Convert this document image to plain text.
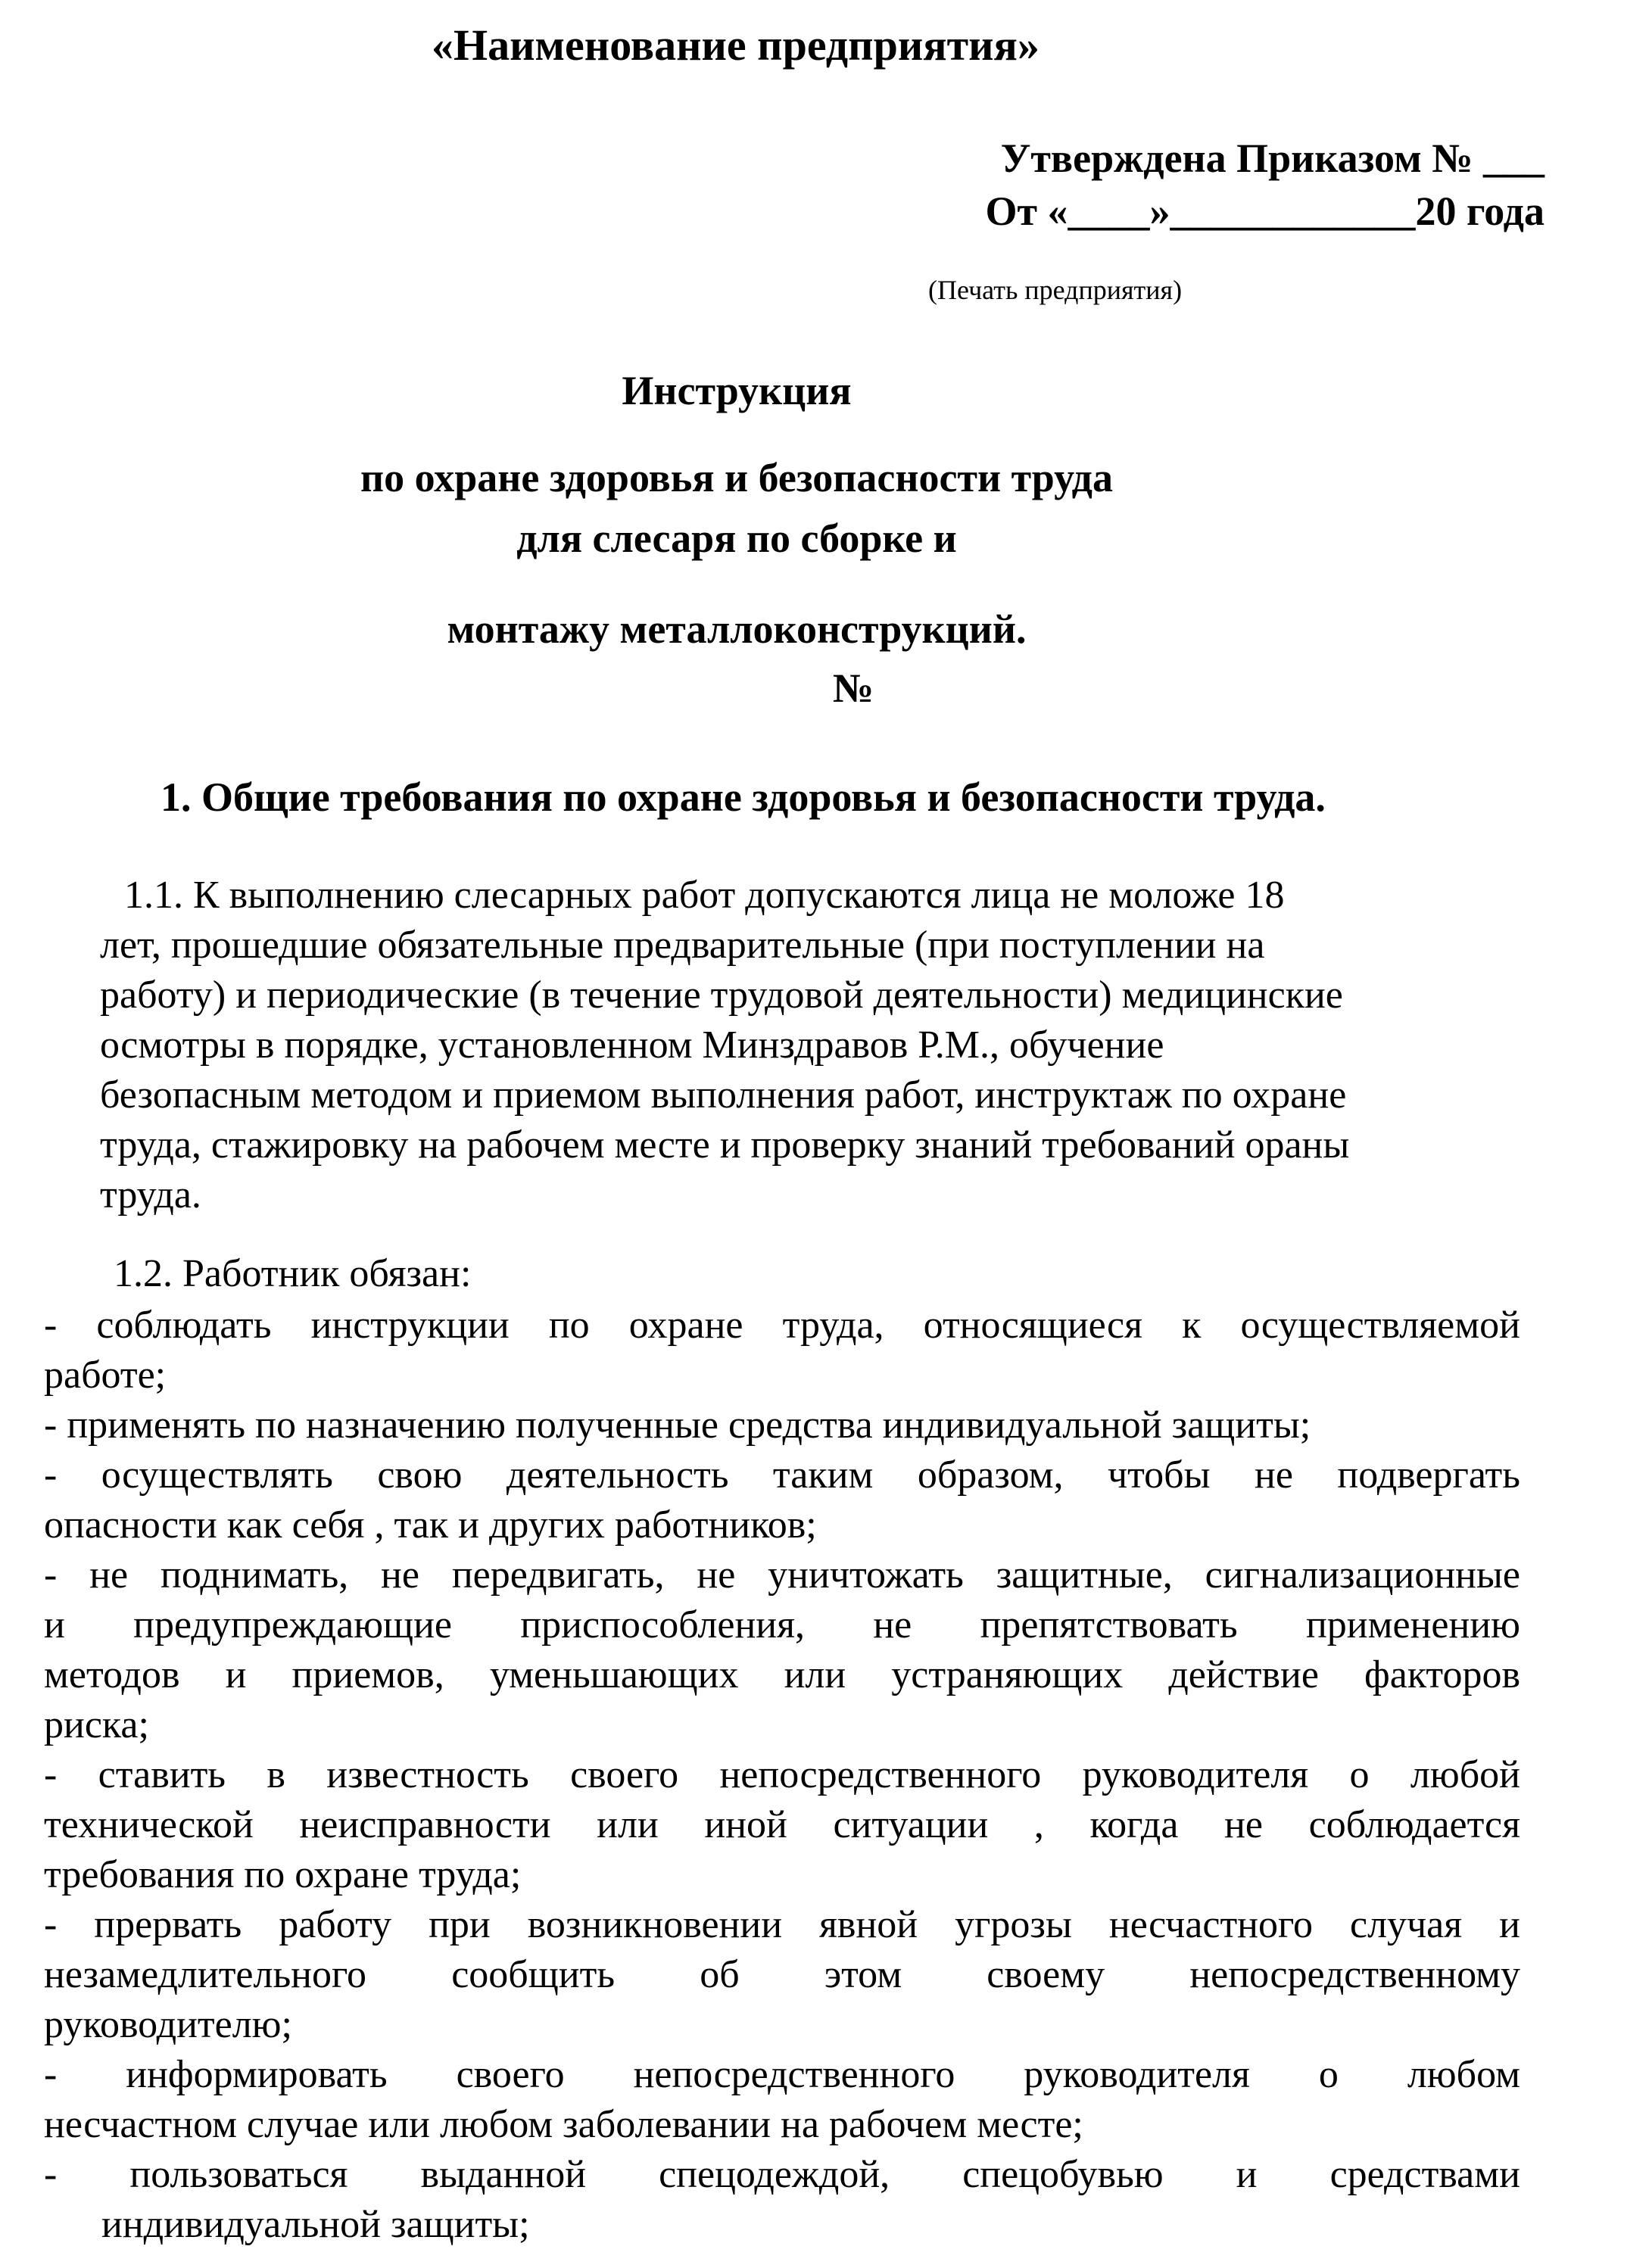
«Наименование предприятия»
Утверждена Приказом № ___
От «____»____________20 года
(Печать предприятия)
Инструкция
по охране здоровья и безопасности труда
для слесаря по сборке и
монтажу металлоконструкций.
№
1. Общие требования по охране здоровья и безопасности труда.
1.1. К выполнению слесарных работ допускаются лица не моложе 18
лет, прошедшие обязательные предварительные (при поступлении на
работу) и периодические (в течение трудовой деятельности) медицинские
осмотры в порядке, установленном Минздравов Р.М., обучение
безопасным методом и приемом выполнения работ, инструктаж по охране
труда, стажировку на рабочем месте и проверку знаний требований ораны
труда.
1.2. Работник обязан:
- соблюдать инструкции по охране труда, относящиеся к осуществляемой
работе;
- применять по назначению полученные средства индивидуальной защиты;
- осуществлять свою деятельность таким образом, чтобы не подвергать
опасности как себя , так и других работников;
- не поднимать, не передвигать, не уничтожать защитные, сигнализационные
и предупреждающие приспособления, не препятствовать применению
методов и приемов, уменьшающих или устраняющих действие факторов
риска;
- ставить в известность своего непосредственного руководителя о любой
технической неисправности или иной ситуации , когда не соблюдается
требования по охране труда;
- прервать работу при возникновении явной угрозы несчастного случая и
незамедлительного сообщить об этом своему непосредственному
руководителю;
- информировать своего непосредственного руководителя о любом
несчастном случае или любом заболевании на рабочем месте;
- пользоваться выданной спецодеждой, спецобувью и средствами
индивидуальной защиты;
